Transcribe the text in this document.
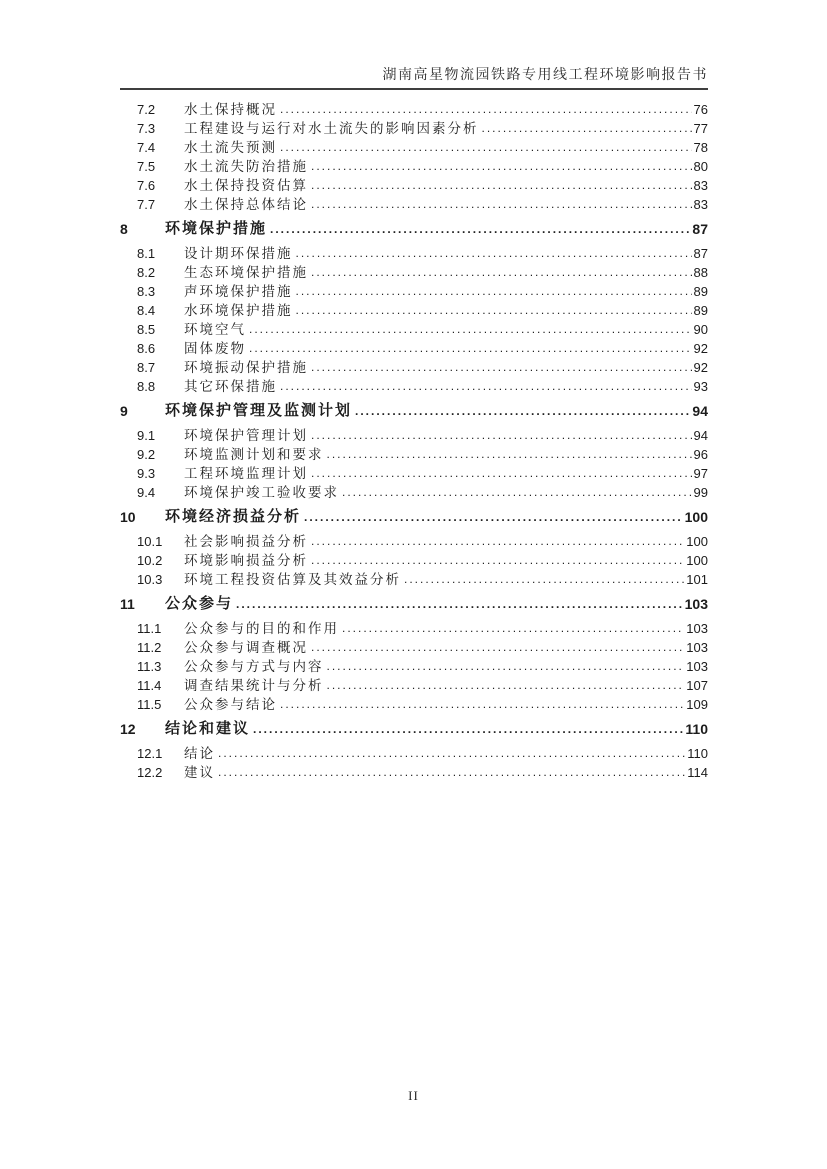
湖南高星物流园铁路专用线工程环境影响报告书
7.2	水土保持概况 .....	76
7.3	工程建设与运行对水土流失的影响因素分析 .....	77
7.4	水土流失预测 .....	78
7.5	水土流失防治措施 .....	80
7.6	水土保持投资估算 .....	83
7.7	水土保持总体结论 .....	83
8	环境保护措施 .....	87
8.1	设计期环保措施 .....	87
8.2	生态环境保护措施 .....	88
8.3	声环境保护措施 .....	89
8.4	水环境保护措施 .....	89
8.5	环境空气 .....	90
8.6	固体废物 .....	92
8.7	环境振动保护措施 .....	92
8.8	其它环保措施 .....	93
9	环境保护管理及监测计划 .....	94
9.1	环境保护管理计划 .....	94
9.2	环境监测计划和要求 .....	96
9.3	工程环境监理计划 .....	97
9.4	环境保护竣工验收要求 .....	99
10	环境经济损益分析 .....	100
10.1	社会影响损益分析 .....	100
10.2	环境影响损益分析 .....	100
10.3	环境工程投资估算及其效益分析 .....	101
11	公众参与 .....	103
11.1	公众参与的目的和作用 .....	103
11.2	公众参与调查概况 .....	103
11.3	公众参与方式与内容 .....	103
11.4	调查结果统计与分析 .....	107
11.5	公众参与结论 .....	109
12	结论和建议 .....	110
12.1	结论 .....	110
12.2	建议 .....	114
II
